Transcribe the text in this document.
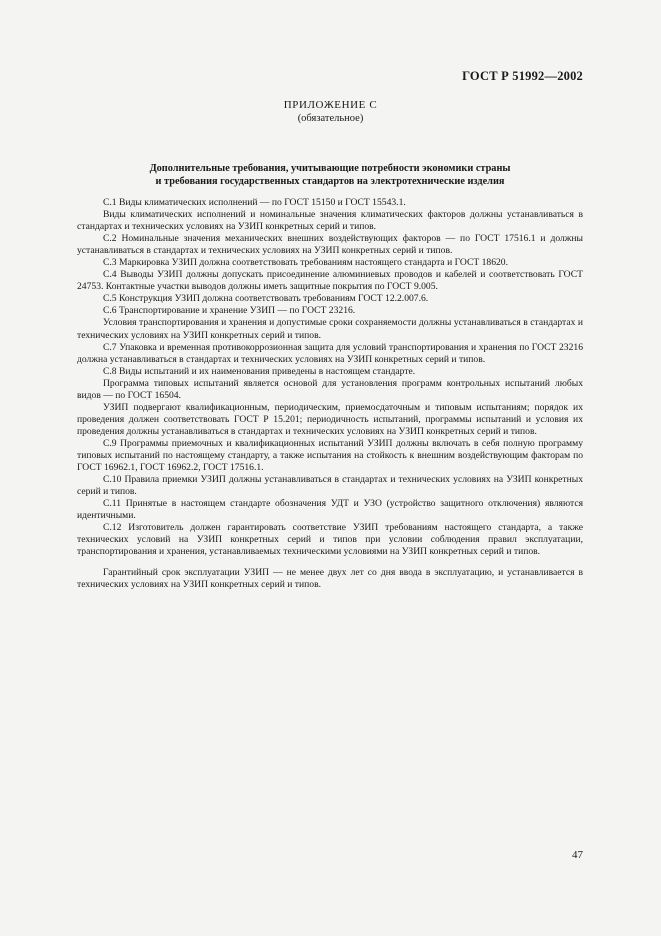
ГОСТ Р 51992—2002
ПРИЛОЖЕНИЕ С
(обязательное)
Дополнительные требования, учитывающие потребности экономики страны
и требования государственных стандартов на электротехнические изделия

С.1 Виды климатических исполнений — по ГОСТ 15150 и ГОСТ 15543.1.

Виды климатических исполнений и номинальные значения климатических факторов должны устанавливаться в стандартах и технических условиях на УЗИП конкретных серий и типов.

С.2 Номинальные значения механических внешних воздействующих факторов — по ГОСТ 17516.1 и должны устанавливаться в стандартах и технических условиях на УЗИП конкретных серий и типов.

С.3 Маркировка УЗИП должна соответствовать требованиям настоящего стандарта и ГОСТ 18620.

С.4 Выводы УЗИП должны допускать присоединение алюминиевых проводов и кабелей и соответствовать ГОСТ 24753. Контактные участки выводов должны иметь защитные покрытия по ГОСТ 9.005.

С.5 Конструкция УЗИП должна соответствовать требованиям ГОСТ 12.2.007.6.

С.6 Транспортирование и хранение УЗИП — по ГОСТ 23216.

Условия транспортирования и хранения и допустимые сроки сохраняемости должны устанавливаться в стандартах и технических условиях на УЗИП конкретных серий и типов.

С.7 Упаковка и временная противокоррозионная защита для условий транспортирования и хранения по ГОСТ 23216 должна устанавливаться в стандартах и технических условиях на УЗИП конкретных серий и типов.

С.8 Виды испытаний и их наименования приведены в настоящем стандарте.

Программа типовых испытаний является основой для установления программ контрольных испытаний любых видов — по ГОСТ 16504.

УЗИП подвергают квалификационным, периодическим, приемосдаточным и типовым испытаниям; порядок их проведения должен соответствовать ГОСТ Р 15.201; периодичность испытаний, программы испытаний и условия их проведения должны устанавливаться в стандартах и технических условиях на УЗИП конкретных серий и типов.

С.9 Программы приемочных и квалификационных испытаний УЗИП должны включать в себя полную программу типовых испытаний по настоящему стандарту, а также испытания на стойкость к внешним воздействующим факторам по ГОСТ 16962.1, ГОСТ 16962.2, ГОСТ 17516.1.

С.10 Правила приемки УЗИП должны устанавливаться в стандартах и технических условиях на УЗИП конкретных серий и типов.

С.11 Принятые в настоящем стандарте обозначения УДТ и УЗО (устройство защитного отключения) являются идентичными.

С.12 Изготовитель должен гарантировать соответствие УЗИП требованиям настоящего стандарта, а также технических условий на УЗИП конкретных серий и типов при условии соблюдения правил эксплуатации, транспортирования и хранения, устанавливаемых техническими условиями на УЗИП конкретных серий и типов.

Гарантийный срок эксплуатации УЗИП — не менее двух лет со дня ввода в эксплуатацию, и устанавливается в технических условиях на УЗИП конкретных серий и типов.

47
